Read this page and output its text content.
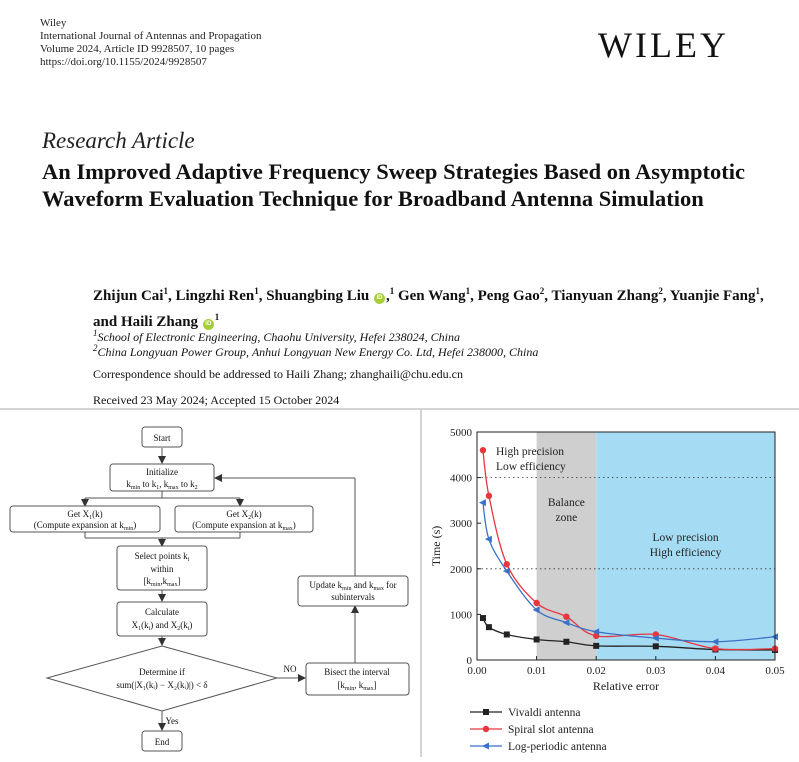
Wiley
International Journal of Antennas and Propagation
Volume 2024, Article ID 9928507, 10 pages
https://doi.org/10.1155/2024/9928507	WILEY
Research Article
An Improved Adaptive Frequency Sweep Strategies Based on Asymptotic Waveform Evaluation Technique for Broadband Antenna Simulation
Zhijun Cai$^1$, Lingzhi Ren$^1$, Shuangbing Liu iD ,$^1$ Gen Wang$^1$, Peng Gao$^2$, Tianyuan Zhang$^2$, Yuanjie Fang$^1$, and Haili Zhang $iD^1$
$^1$School of Electronic Engineering, Chaohu University, Hefei 238024, China
$^2$China Longyuan Power Group, Anhui Longyuan New Energy Co. Ltd, Hefei 238000, China
Correspondence should be addressed to Haili Zhang; zhanghaili@chu.edu.cn
Received 23 May 2024; Accepted 15 October 2024
Start
Initialize
$k_{min}$ to $k_1$, $k_{max}$ to $k_2$
Get $X_1(k)$
(Compute expansion at $k_{min}$)
Get $X_2(k)$
(Compute expansion at $k_{max}$)
Select points $k_i$
within
$[k_{min},k_{max}]$
Calculate
$X_1(k_i)$ and $X_2(k_i)$
Determine if
sum(|X₁(kᵢ) − X₂(kᵢ)|) < δ
NO
Yes
Bisect the interval
[$k_{min}$, $k_{max}$]
Update $k_{min}$ and $k_{max}$ for
subintervals
End
Balance
zone
Low precision
High efficiency
High precision
Low efficiency
0
1000
2000
3000
4000
5000
0.00	0.01	0.02	0.03	0.04	0.05
Relative error
Time (s)
Vivaldi antenna
Spiral slot antenna
Log-periodic antenna
